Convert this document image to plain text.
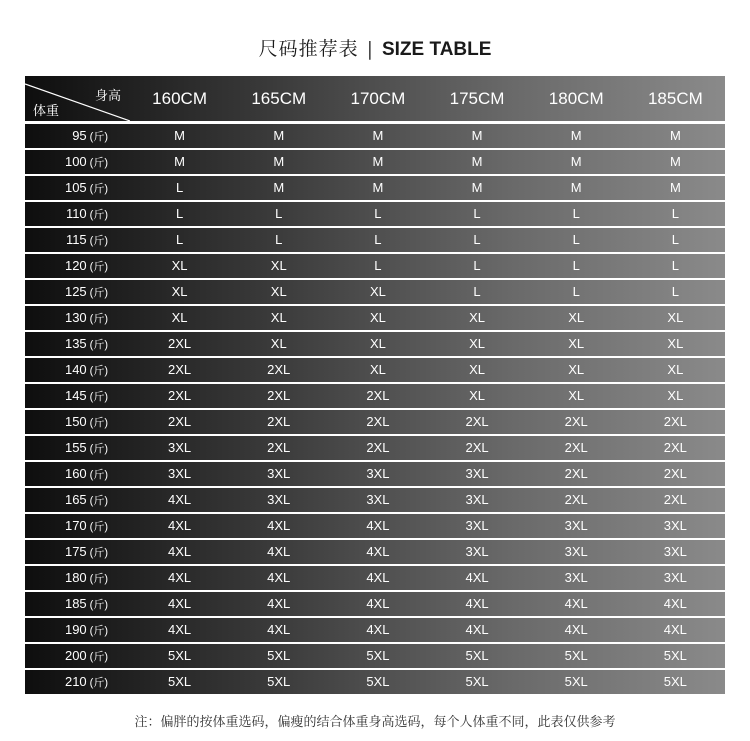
尺码推荐表 | SIZE TABLE
身高
体重
160CM	165CM	170CM	175CM	180CM	185CM
95 (斤)	M	M	M	M	M	M
100 (斤)	M	M	M	M	M	M
105 (斤)	L	M	M	M	M	M
110 (斤)	L	L	L	L	L	L
115 (斤)	L	L	L	L	L	L
120 (斤)	XL	XL	L	L	L	L
125 (斤)	XL	XL	XL	L	L	L
130 (斤)	XL	XL	XL	XL	XL	XL
135 (斤)	2XL	XL	XL	XL	XL	XL
140 (斤)	2XL	2XL	XL	XL	XL	XL
145 (斤)	2XL	2XL	2XL	XL	XL	XL
150 (斤)	2XL	2XL	2XL	2XL	2XL	2XL
155 (斤)	3XL	2XL	2XL	2XL	2XL	2XL
160 (斤)	3XL	3XL	3XL	3XL	2XL	2XL
165 (斤)	4XL	3XL	3XL	3XL	2XL	2XL
170 (斤)	4XL	4XL	4XL	3XL	3XL	3XL
175 (斤)	4XL	4XL	4XL	3XL	3XL	3XL
180 (斤)	4XL	4XL	4XL	4XL	3XL	3XL
185 (斤)	4XL	4XL	4XL	4XL	4XL	4XL
190 (斤)	4XL	4XL	4XL	4XL	4XL	4XL
200 (斤)	5XL	5XL	5XL	5XL	5XL	5XL
210 (斤)	5XL	5XL	5XL	5XL	5XL	5XL
注：偏胖的按体重选码，偏瘦的结合体重身高选码，每个人体重不同，此表仅供参考
